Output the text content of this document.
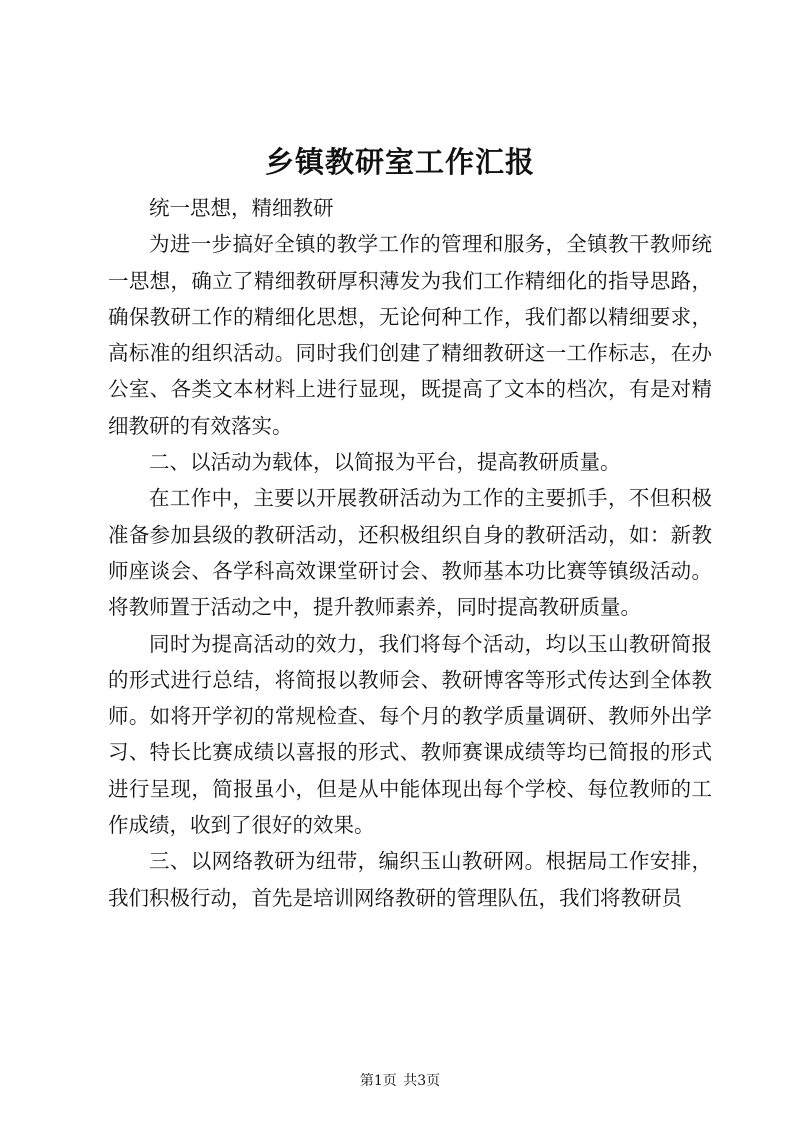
乡镇教研室工作汇报

统一思想，精细教研

为进一步搞好全镇的教学工作的管理和服务，全镇教干教师统一思想，确立了精细教研厚积薄发为我们工作精细化的指导思路，确保教研工作的精细化思想，无论何种工作，我们都以精细要求，高标准的组织活动。同时我们创建了精细教研这一工作标志，在办公室、各类文本材料上进行显现，既提高了文本的档次，有是对精细教研的有效落实。

二、以活动为载体，以简报为平台，提高教研质量。

在工作中，主要以开展教研活动为工作的主要抓手，不但积极准备参加县级的教研活动，还积极组织自身的教研活动，如：新教师座谈会、各学科高效课堂研讨会、教师基本功比赛等镇级活动。将教师置于活动之中，提升教师素养，同时提高教研质量。

同时为提高活动的效力，我们将每个活动，均以玉山教研简报的形式进行总结，将简报以教师会、教研博客等形式传达到全体教师。如将开学初的常规检查、每个月的教学质量调研、教师外出学习、特长比赛成绩以喜报的形式、教师赛课成绩等均已简报的形式进行呈现，简报虽小，但是从中能体现出每个学校、每位教师的工作成绩，收到了很好的效果。

三、以网络教研为纽带，编织玉山教研网。根据局工作安排，我们积极行动，首先是培训网络教研的管理队伍，我们将教研员

第1页 共3页
